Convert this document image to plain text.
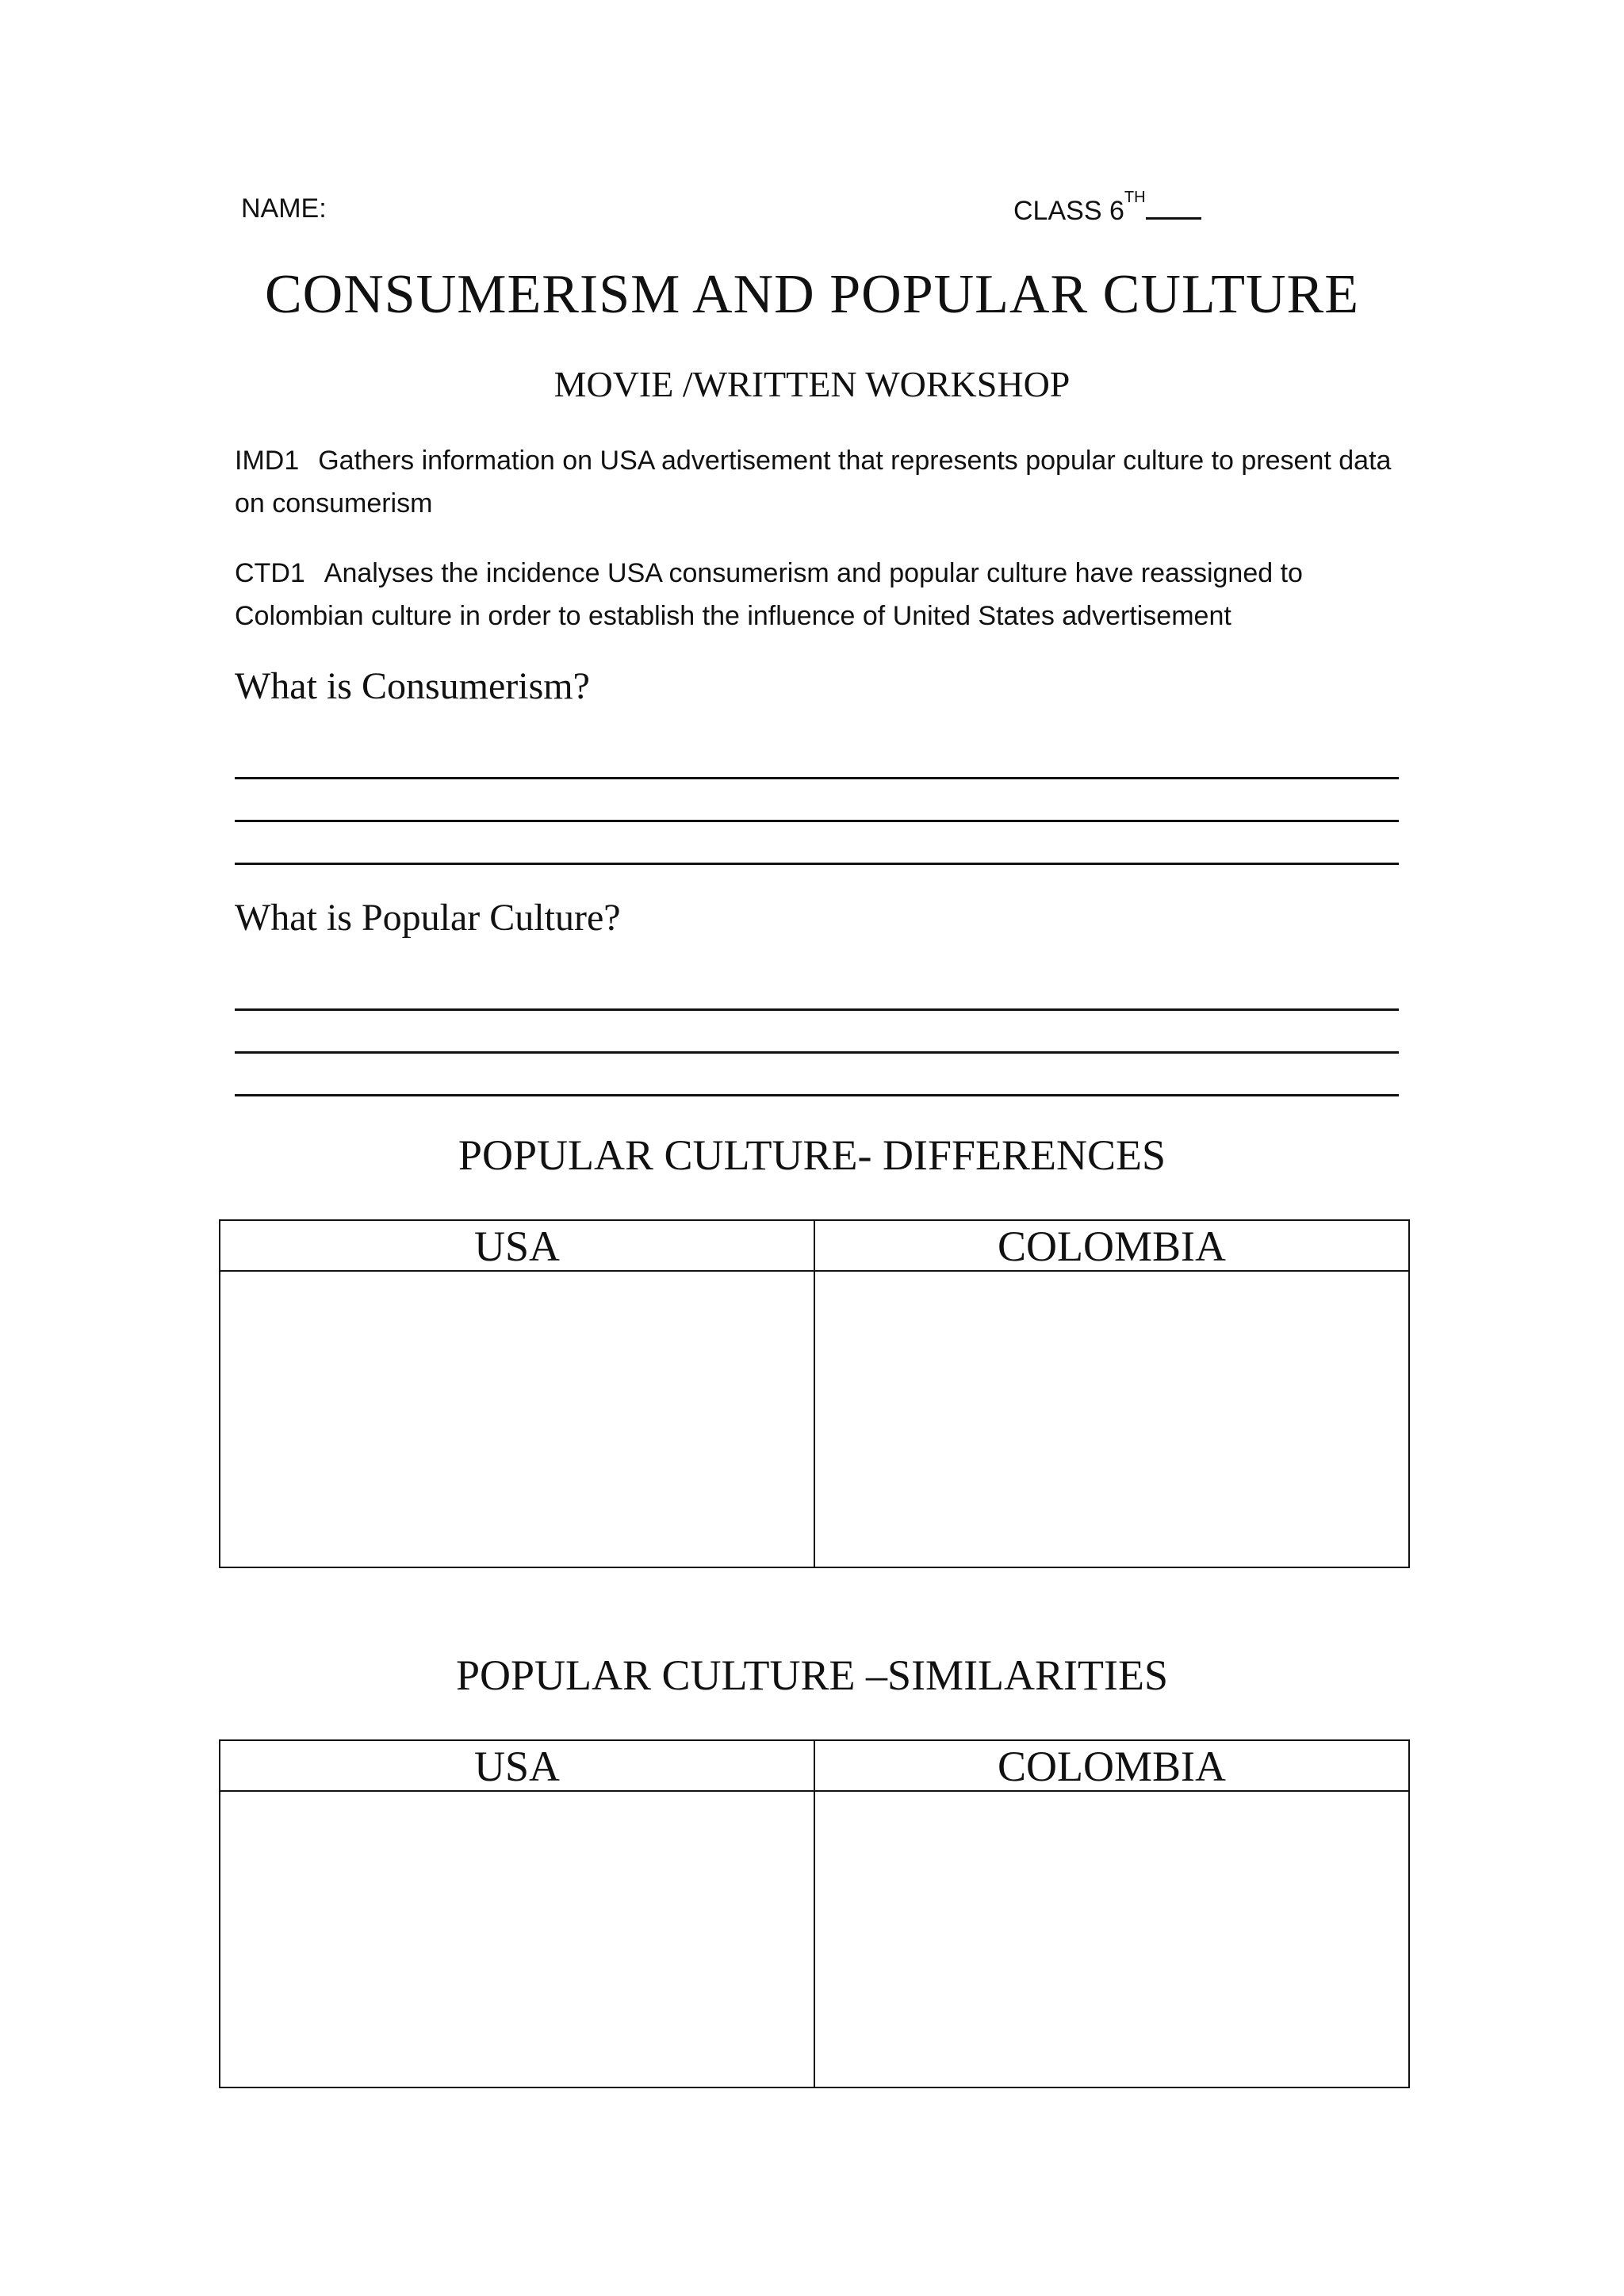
NAME:	CLASS 6TH
CONSUMERISM AND POPULAR CULTURE
MOVIE /WRITTEN WORKSHOP
IMD1 Gathers information on USA advertisement that represents popular culture to present data on consumerism
CTD1 Analyses the incidence USA consumerism and popular culture have reassigned to Colombian culture in order to establish the influence of United States advertisement
What is Consumerism?
What is Popular Culture?
POPULAR CULTURE- DIFFERENCES
USA	COLOMBIA
POPULAR CULTURE –SIMILARITIES
USA	COLOMBIA
